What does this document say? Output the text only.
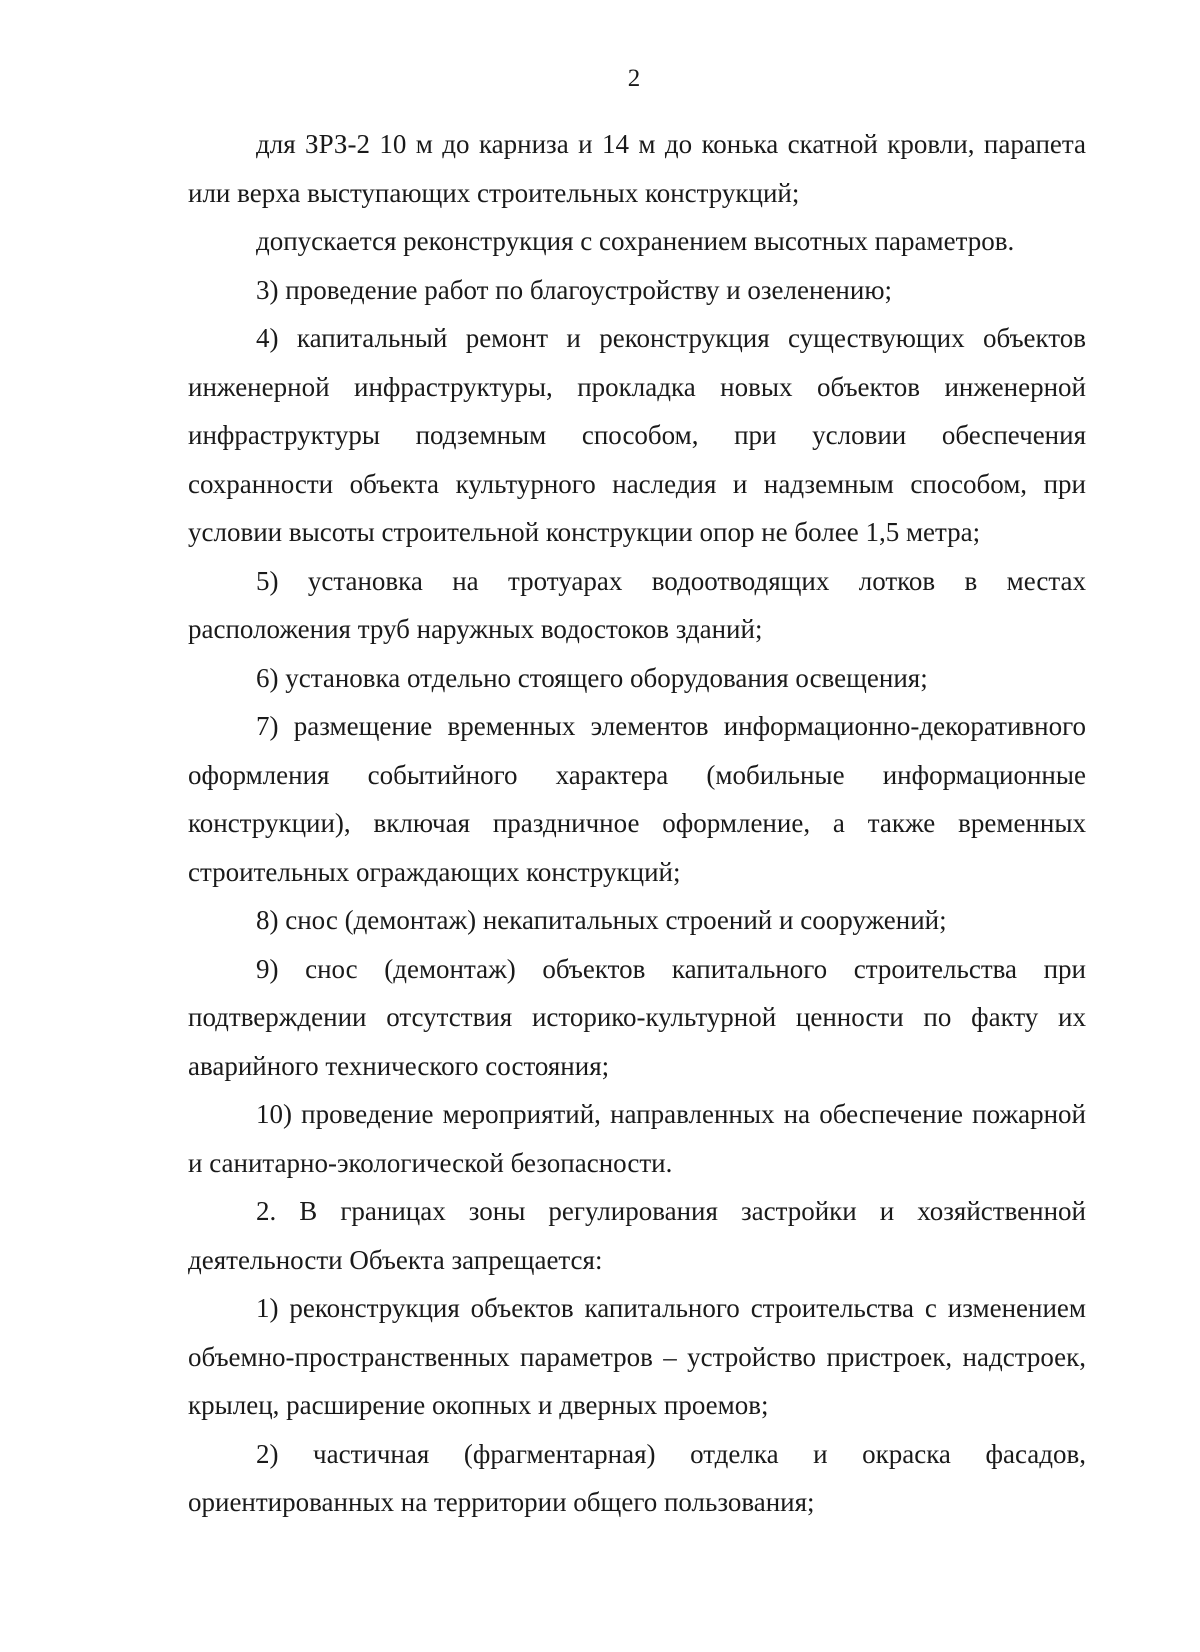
2

для ЗРЗ-2 10 м до карниза и 14 м до конька скатной кровли, парапета или верха выступающих строительных конструкций;

допускается реконструкция с сохранением высотных параметров.

3) проведение работ по благоустройству и озеленению;

4) капитальный ремонт и реконструкция существующих объектов инженерной инфраструктуры, прокладка новых объектов инженерной инфраструктуры подземным способом, при условии обеспечения сохранности объекта культурного наследия и надземным способом, при условии высоты строительной конструкции опор не более 1,5 метра;

5) установка на тротуарах водоотводящих лотков в местах расположения труб наружных водостоков зданий;

6) установка отдельно стоящего оборудования освещения;

7) размещение временных элементов информационно-декоративного оформления событийного характера (мобильные информационные конструкции), включая праздничное оформление, а также временных строительных ограждающих конструкций;

8) снос (демонтаж) некапитальных строений и сооружений;

9) снос (демонтаж) объектов капитального строительства при подтверждении отсутствия историко-культурной ценности по факту их аварийного технического состояния;

10) проведение мероприятий, направленных на обеспечение пожарной и санитарно-экологической безопасности.

2. В границах зоны регулирования застройки и хозяйственной деятельности Объекта запрещается:

1) реконструкция объектов капитального строительства с изменением объемно-пространственных параметров – устройство пристроек, надстроек, крылец, расширение окопных и дверных проемов;

2) частичная (фрагментарная) отделка и окраска фасадов, ориентированных на территории общего пользования;
